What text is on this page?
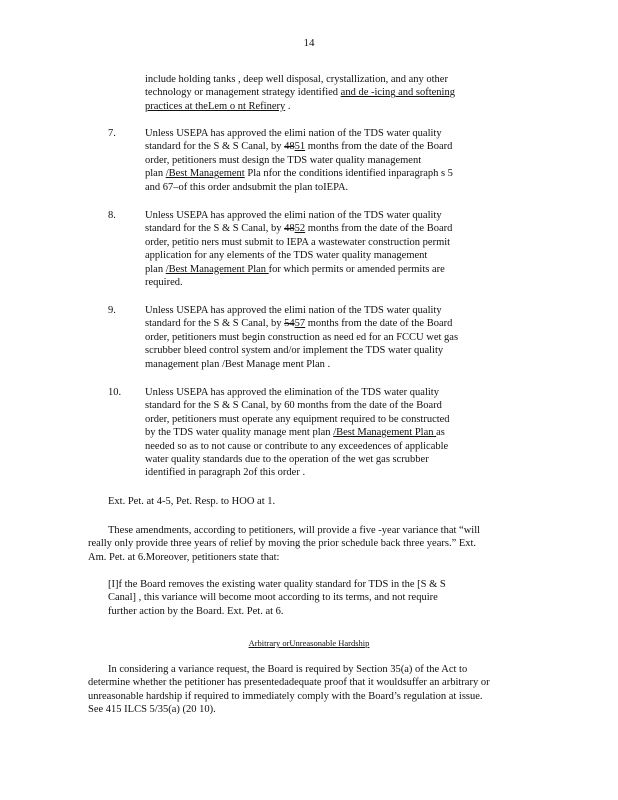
14
include holding tanks , deep well disposal, crystallization, and any other
technology or management strategy identified and de -icing and softening
practices at theLem o nt Refinery .
7.	Unless USEPA has approved the elimi nation of the TDS water quality
standard for the S & S Canal, by 4851 months from the date of the Board
order, petitioners must design the TDS water quality management
plan /Best Management Pla nfor the conditions identified inparagraph s 5
and 67–of this order andsubmit the plan toIEPA.
8.	Unless USEPA has approved the elimi nation of the TDS water quality
standard for the S & S Canal, by 4852 months from the date of the Board
order, petitio ners must submit to IEPA a wastewater construction permit
application for any elements of the TDS water quality management
plan /Best Management Plan for which permits or amended permits are
required.
9.	Unless USEPA has approved the elimi nation of the TDS water quality
standard for the S & S Canal, by 5457 months from the date of the Board
order, petitioners must begin construction as need ed for an FCCU wet gas
scrubber bleed control system and/or implement the TDS water quality
management plan /Best Manage ment Plan .
10. Unless USEPA has approved the elimination of the TDS water quality
standard for the S & S Canal, by 60 months from the date of the Board
order, petitioners must operate any equipment required to be constructed
by the TDS water quality manage ment plan /Best Management Plan as
needed so as to not cause or contribute to any exceedences of applicable
water quality standards due to the operation of the wet gas scrubber
identified in paragraph 2of this order .
Ext. Pet. at 4-5, Pet. Resp. to HOO at 1.
These amendments, according to petitioners, will provide a five -year variance that “will
really only provide three years of relief by moving the prior schedule back three years.” Ext.
Am. Pet. at 6.Moreover, petitioners state that:
[I]f the Board removes the existing water quality standard for TDS in the [S & S
Canal] , this variance will become moot according to its terms, and not require
further action by the Board. Ext. Pet. at 6.
Arbitrary orUnreasonable Hardship
In considering a variance request, the Board is required by Section 35(a) of the Act to
determine whether the petitioner has presentedadequate proof that it wouldsuffer an arbitrary or
unreasonable hardship if required to immediately comply with the Board’s regulation at issue.
See 415 ILCS 5/35(a) (20 10).
